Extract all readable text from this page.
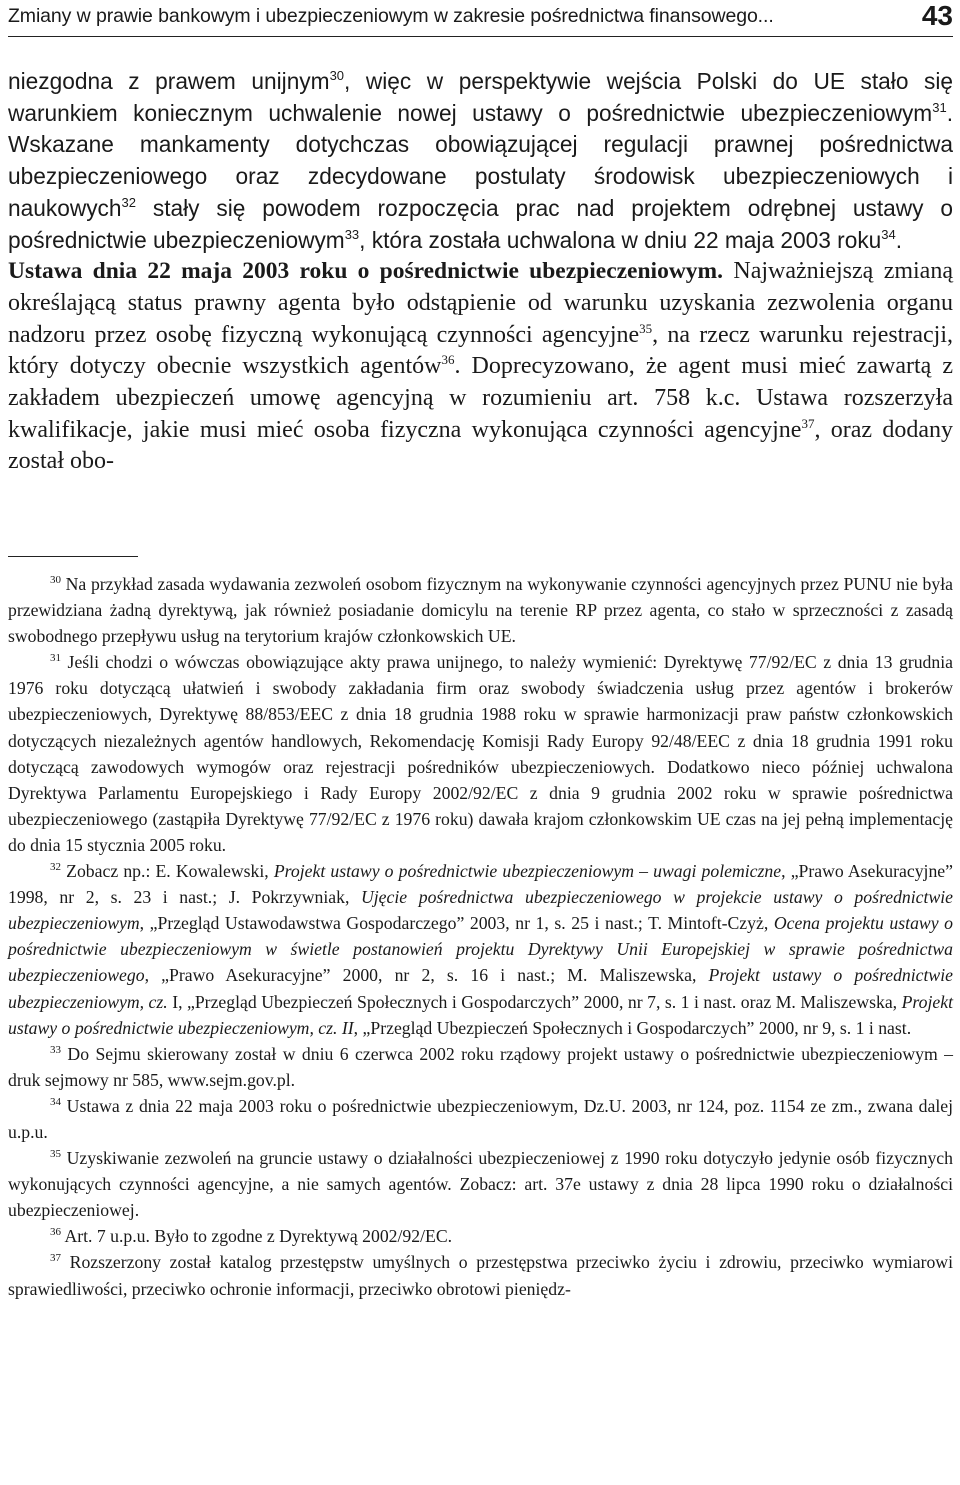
Zmiany w prawie bankowym i ubezpieczeniowym w zakresie pośrednictwa finansowego...	43

niezgodna z prawem unijnym$^{30}$, więc w perspektywie wejścia Polski do UE stało się warunkiem koniecznym uchwalenie nowej ustawy o pośrednictwie ubezpieczeniowym$^{31}$. Wskazane mankamenty dotychczas obowiązującej regulacji prawnej pośrednictwa ubezpieczeniowego oraz zdecydowane postulaty środowisk ubezpieczeniowych i naukowych$^{32}$ stały się powodem rozpoczęcia prac nad projektem odrębnej ustawy o pośrednictwie ubezpieczeniowym$^{33}$, która została uchwalona w dniu 22 maja 2003 roku$^{34}$.

Ustawa dnia 22 maja 2003 roku o pośrednictwie ubezpieczeniowym. Najważniejszą zmianą określającą status prawny agenta było odstąpienie od warunku uzyskania zezwolenia organu nadzoru przez osobę fizyczną wykonującą czynności agencyjne$^{35}$, na rzecz warunku rejestracji, który dotyczy obecnie wszystkich agentów$^{36}$. Doprecyzowano, że agent musi mieć zawartą z zakładem ubezpieczeń umowę agencyjną w rozumieniu art. 758 k.c. Ustawa rozszerzyła kwalifikacje, jakie musi mieć osoba fizyczna wykonująca czynności agencyjne$^{37}$, oraz dodany został obo-

$^{30}$ Na przykład zasada wydawania zezwoleń osobom fizycznym na wykonywanie czynności agencyjnych przez PUNU nie była przewidziana żadną dyrektywą, jak również posiadanie domicylu na terenie RP przez agenta, co stało w sprzeczności z zasadą swobodnego przepływu usług na terytorium krajów członkowskich UE.

$^{31}$ Jeśli chodzi o wówczas obowiązujące akty prawa unijnego, to należy wymienić: Dyrektywę 77/92/EC z dnia 13 grudnia 1976 roku dotyczącą ułatwień i swobody zakładania firm oraz swobody świadczenia usług przez agentów i brokerów ubezpieczeniowych, Dyrektywę 88/853/EEC z dnia 18 grudnia 1988 roku w sprawie harmonizacji praw państw członkowskich dotyczących niezależnych agentów handlowych, Rekomendację Komisji Rady Europy 92/48/EEC z dnia 18 grudnia 1991 roku dotyczącą zawodowych wymogów oraz rejestracji pośredników ubezpieczeniowych. Dodatkowo nieco później uchwalona Dyrektywa Parlamentu Europejskiego i Rady Europy 2002/92/EC z dnia 9 grudnia 2002 roku w sprawie pośrednictwa ubezpieczeniowego (zastąpiła Dyrektywę 77/92/EC z 1976 roku) dawała krajom członkowskim UE czas na jej pełną implementację do dnia 15 stycznia 2005 roku.

$^{32}$ Zobacz np.: E. Kowalewski, Projekt ustawy o pośrednictwie ubezpieczeniowym – uwagi polemiczne, „Prawo Asekuracyjne” 1998, nr 2, s. 23 i nast.; J. Pokrzywniak, Ujęcie pośrednictwa ubezpieczeniowego w projekcie ustawy o pośrednictwie ubezpieczeniowym, „Przegląd Ustawodawstwa Gospodarczego” 2003, nr 1, s. 25 i nast.; T. Mintoft-Czyż, Ocena projektu ustawy o pośrednictwie ubezpieczeniowym w świetle postanowień projektu Dyrektywy Unii Europejskiej w sprawie pośrednictwa ubezpieczeniowego, „Prawo Asekuracyjne” 2000, nr 2, s. 16 i nast.; M. Maliszewska, Projekt ustawy o pośrednictwie ubezpieczeniowym, cz. I, „Przegląd Ubezpieczeń Społecznych i Gospodarczych” 2000, nr 7, s. 1 i nast. oraz M. Maliszewska, Projekt ustawy o pośrednictwie ubezpieczeniowym, cz. II, „Przegląd Ubezpieczeń Społecznych i Gospodarczych” 2000, nr 9, s. 1 i nast.

$^{33}$ Do Sejmu skierowany został w dniu 6 czerwca 2002 roku rządowy projekt ustawy o pośrednictwie ubezpieczeniowym – druk sejmowy nr 585, www.sejm.gov.pl.

$^{34}$ Ustawa z dnia 22 maja 2003 roku o pośrednictwie ubezpieczeniowym, Dz.U. 2003, nr 124, poz. 1154 ze zm., zwana dalej u.p.u.

$^{35}$ Uzyskiwanie zezwoleń na gruncie ustawy o działalności ubezpieczeniowej z 1990 roku dotyczyło jedynie osób fizycznych wykonujących czynności agencyjne, a nie samych agentów. Zobacz: art. 37e ustawy z dnia 28 lipca 1990 roku o działalności ubezpieczeniowej.

$^{36}$ Art. 7 u.p.u. Było to zgodne z Dyrektywą 2002/92/EC.

$^{37}$ Rozszerzony został katalog przestępstw umyślnych o przestępstwa przeciwko życiu i zdrowiu, przeciwko wymiarowi sprawiedliwości, przeciwko ochronie informacji, przeciwko obrotowi pieniędz-
